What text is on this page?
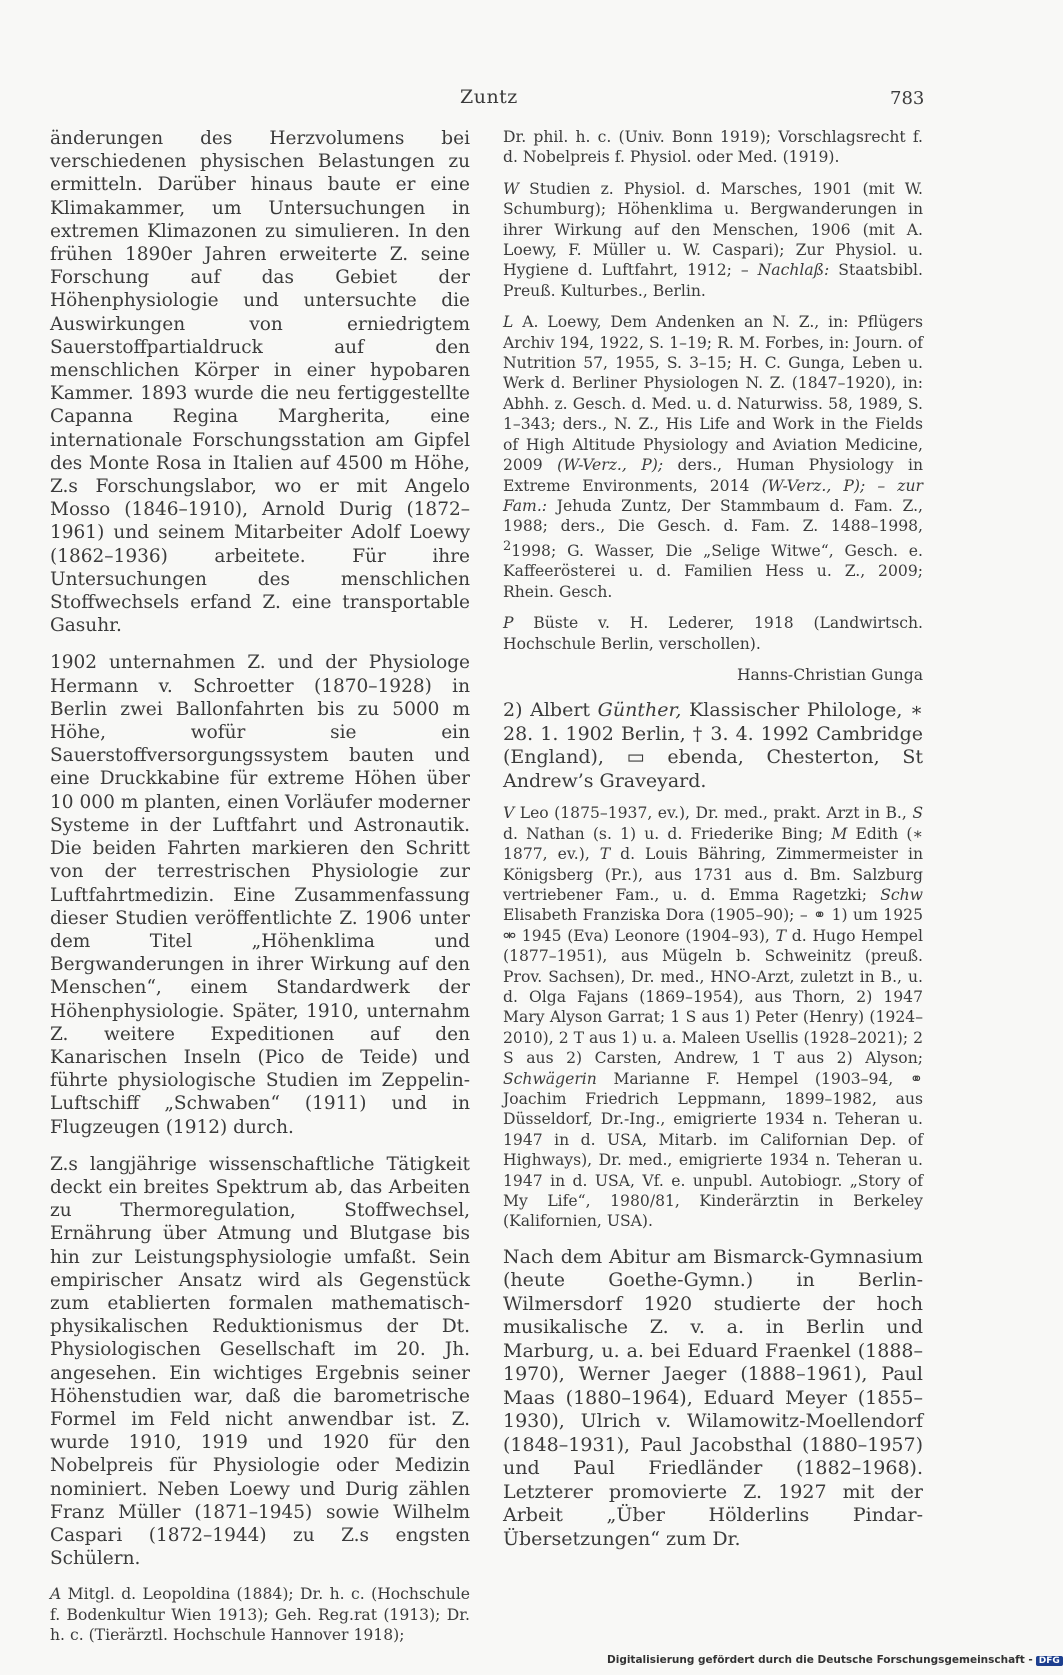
Zuntz	783

änderungen des Herzvolumens bei verschiedenen physischen Belastungen zu ermitteln. Darüber hinaus baute er eine Klimakammer, um Untersuchungen in extremen Klimazonen zu simulieren. In den frühen 1890er Jahren erweiterte Z. seine Forschung auf das Gebiet der Höhenphysiologie und untersuchte die Auswirkungen von erniedrigtem Sauerstoffpartialdruck auf den menschlichen Körper in einer hypobaren Kammer. 1893 wurde die neu fertiggestellte Capanna Regina Margherita, eine internationale Forschungsstation am Gipfel des Monte Rosa in Italien auf 4500 m Höhe, Z.s Forschungslabor, wo er mit Angelo Mosso (1846–1910), Arnold Durig (1872–1961) und seinem Mitarbeiter Adolf Loewy (1862–1936) arbeitete. Für ihre Untersuchungen des menschlichen Stoffwechsels erfand Z. eine transportable Gasuhr.

1902 unternahmen Z. und der Physiologe Hermann v. Schroetter (1870–1928) in Berlin zwei Ballonfahrten bis zu 5000 m Höhe, wofür sie ein Sauerstoffversorgungssystem bauten und eine Druckkabine für extreme Höhen über 10 000 m planten, einen Vorläufer moderner Systeme in der Luftfahrt und Astronautik. Die beiden Fahrten markieren den Schritt von der terrestrischen Physiologie zur Luftfahrtmedizin. Eine Zusammenfassung dieser Studien veröffentlichte Z. 1906 unter dem Titel „Höhenklima und Bergwanderungen in ihrer Wirkung auf den Menschen“, einem Standardwerk der Höhenphysiologie. Später, 1910, unternahm Z. weitere Expeditionen auf den Kanarischen Inseln (Pico de Teide) und führte physiologische Studien im Zeppelin-Luftschiff „Schwaben“ (1911) und in Flugzeugen (1912) durch.

Z.s langjährige wissenschaftliche Tätigkeit deckt ein breites Spektrum ab, das Arbeiten zu Thermoregulation, Stoffwechsel, Ernährung über Atmung und Blutgase bis hin zur Leistungsphysiologie umfaßt. Sein empirischer Ansatz wird als Gegenstück zum etablierten formalen mathematisch-physikalischen Reduktionismus der Dt. Physiologischen Gesellschaft im 20. Jh. angesehen. Ein wichtiges Ergebnis seiner Höhenstudien war, daß die barometrische Formel im Feld nicht anwendbar ist. Z. wurde 1910, 1919 und 1920 für den Nobelpreis für Physiologie oder Medizin nominiert. Neben Loewy und Durig zählen Franz Müller (1871–1945) sowie Wilhelm Caspari (1872–1944) zu Z.s engsten Schülern.

A Mitgl. d. Leopoldina (1884); Dr. h. c. (Hochschule f. Bodenkultur Wien 1913); Geh. Reg.rat (1913); Dr. h. c. (Tierärztl. Hochschule Hannover 1918);

Dr. phil. h. c. (Univ. Bonn 1919); Vorschlagsrecht f. d. Nobelpreis f. Physiol. oder Med. (1919).

W Studien z. Physiol. d. Marsches, 1901 (mit W. Schumburg); Höhenklima u. Bergwanderungen in ihrer Wirkung auf den Menschen, 1906 (mit A. Loewy, F. Müller u. W. Caspari); Zur Physiol. u. Hygiene d. Luftfahrt, 1912; – Nachlaß: Staatsbibl. Preuß. Kulturbes., Berlin.

L A. Loewy, Dem Andenken an N. Z., in: Pflügers Archiv 194, 1922, S. 1–19; R. M. Forbes, in: Journ. of Nutrition 57, 1955, S. 3–15; H. C. Gunga, Leben u. Werk d. Berliner Physiologen N. Z. (1847–1920), in: Abhh. z. Gesch. d. Med. u. d. Naturwiss. 58, 1989, S. 1–343; ders., N. Z., His Life and Work in the Fields of High Altitude Physiology and Aviation Medicine, 2009 (W-Verz., P); ders., Human Physiology in Extreme Environments, 2014 (W-Verz., P); – zur Fam.: Jehuda Zuntz, Der Stammbaum d. Fam. Z., 1988; ders., Die Gesch. d. Fam. Z. 1488–1998, $^2$1998; G. Wasser, Die „Selige Witwe“, Gesch. e. Kaffeerösterei u. d. Familien Hess u. Z., 2009; Rhein. Gesch.

P Büste v. H. Lederer, 1918 (Landwirtsch. Hochschule Berlin, verschollen).

Hanns-Christian Gunga

2) Albert Günther, Klassischer Philologe, ∗ 28. 1. 1902 Berlin, † 3. 4. 1992 Cambridge (England), ▭ ebenda, Chesterton, St Andrew’s Graveyard.

V Leo (1875–1937, ev.), Dr. med., prakt. Arzt in B., S d. Nathan (s. 1) u. d. Friederike Bing; M Edith (∗ 1877, ev.), T d. Louis Bähring, Zimmermeister in Königsberg (Pr.), aus 1731 aus d. Bm. Salzburg vertriebener Fam., u. d. Emma Ragetzki; Schw Elisabeth Franziska Dora (1905–90); – ⚭ 1) um 1925 ⚮ 1945 (Eva) Leonore (1904–93), T d. Hugo Hempel (1877–1951), aus Mügeln b. Schweinitz (preuß. Prov. Sachsen), Dr. med., HNO-Arzt, zuletzt in B., u. d. Olga Fajans (1869–1954), aus Thorn, 2) 1947 Mary Alyson Garrat; 1 S aus 1) Peter (Henry) (1924–2010), 2 T aus 1) u. a. Maleen Usellis (1928–2021); 2 S aus 2) Carsten, Andrew, 1 T aus 2) Alyson; Schwägerin Marianne F. Hempel (1903–94, ⚭ Joachim Friedrich Leppmann, 1899–1982, aus Düsseldorf, Dr.-Ing., emigrierte 1934 n. Teheran u. 1947 in d. USA, Mitarb. im Californian Dep. of Highways), Dr. med., emigrierte 1934 n. Teheran u. 1947 in d. USA, Vf. e. unpubl. Autobiogr. „Story of My Life“, 1980/81, Kinderärztin in Berkeley (Kalifornien, USA).

Nach dem Abitur am Bismarck-Gymnasium (heute Goethe-Gymn.) in Berlin-Wilmersdorf 1920 studierte der hoch musikalische Z. v. a. in Berlin und Marburg, u. a. bei Eduard Fraenkel (1888–1970), Werner Jaeger (1888–1961), Paul Maas (1880–1964), Eduard Meyer (1855–1930), Ulrich v. Wilamowitz-Moellendorf (1848–1931), Paul Jacobsthal (1880–1957) und Paul Friedländer (1882–1968). Letzterer promovierte Z. 1927 mit der Arbeit „Über Hölderlins Pindar-Übersetzungen“ zum Dr.

Digitalisierung gefördert durch die Deutsche Forschungsgemeinschaft - DFG
